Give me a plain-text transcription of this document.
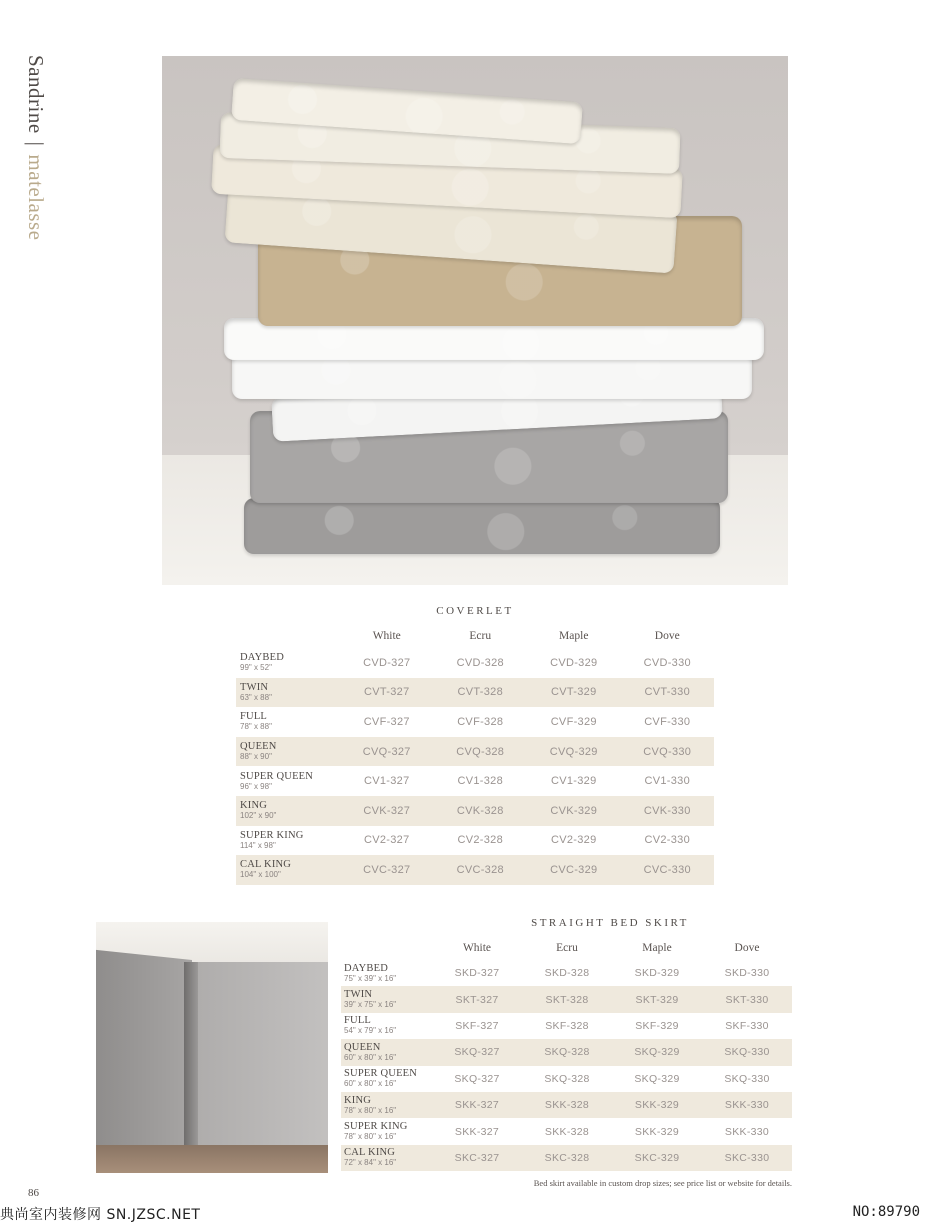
Sandrine|matelasse
COVERLET
	White	Ecru	Maple	Dove

DAYBED
99" x 52"	CVD-327	CVD-328	CVD-329	CVD-330

TWIN
63" x 88"	CVT-327	CVT-328	CVT-329	CVT-330

FULL
78" x 88"	CVF-327	CVF-328	CVF-329	CVF-330

QUEEN
88" x 90"	CVQ-327	CVQ-328	CVQ-329	CVQ-330

SUPER QUEEN
96" x 98"	CV1-327	CV1-328	CV1-329	CV1-330

KING
102" x 90"	CVK-327	CVK-328	CVK-329	CVK-330

SUPER KING
114" x 98"	CV2-327	CV2-328	CV2-329	CV2-330

CAL KING
104" x 100"	CVC-327	CVC-328	CVC-329	CVC-330
STRAIGHT BED SKIRT
	White	Ecru	Maple	Dove

DAYBED
75" x 39" x 16"	SKD-327	SKD-328	SKD-329	SKD-330

TWIN
39" x 75" x 16"	SKT-327	SKT-328	SKT-329	SKT-330

FULL
54" x 79" x 16"	SKF-327	SKF-328	SKF-329	SKF-330

QUEEN
60" x 80" x 16"	SKQ-327	SKQ-328	SKQ-329	SKQ-330

SUPER QUEEN
60" x 80" x 16"	SKQ-327	SKQ-328	SKQ-329	SKQ-330

KING
78" x 80" x 16"	SKK-327	SKK-328	SKK-329	SKK-330

SUPER KING
78" x 80" x 16"	SKK-327	SKK-328	SKK-329	SKK-330

CAL KING
72" x 84" x 16"	SKC-327	SKC-328	SKC-329	SKC-330
Bed skirt available in custom drop sizes; see price list or website for details.
86
典尚室内装修网 SN.JZSC.NET	NO:89790
